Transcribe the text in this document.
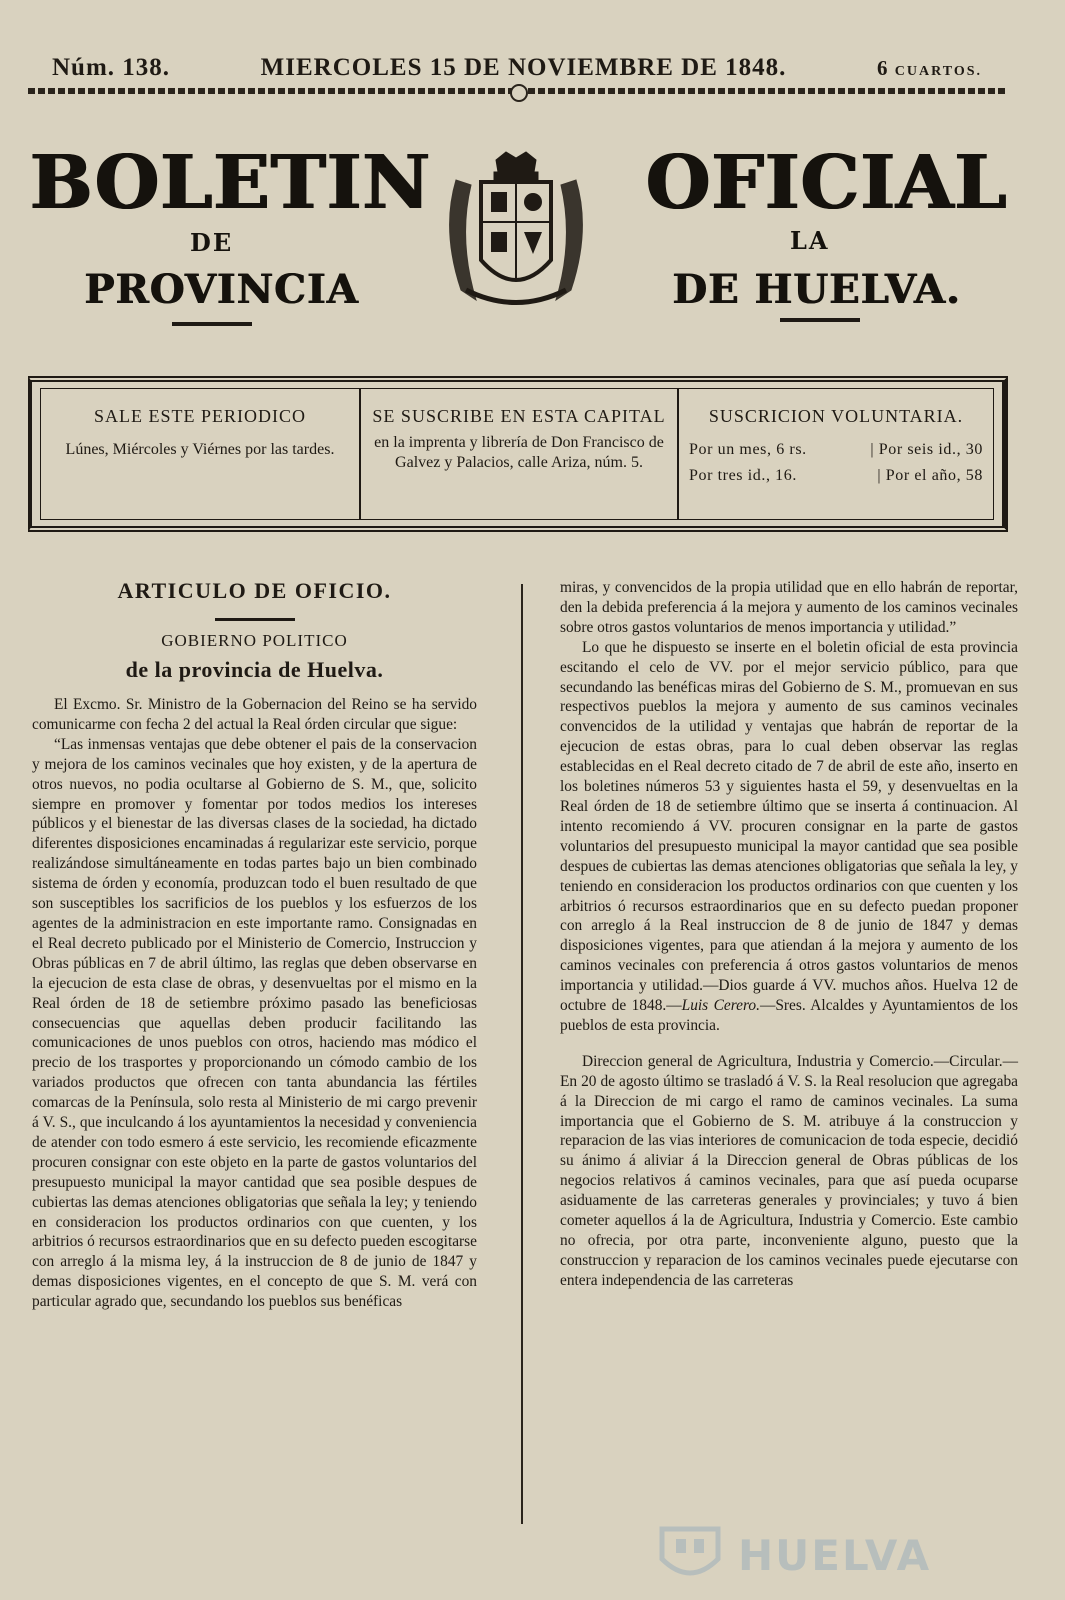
Núm. 138.	MIERCOLES 15 DE NOVIEMBRE DE 1848.	6 CUARTOS.
BOLETIN
DE
PROVINCIA
OFICIAL
LA
DE HUELVA.
SALE ESTE PERIODICO
Lúnes, Miércoles y Viérnes por las tardes.
SE SUSCRIBE EN ESTA CAPITAL
en la imprenta y librería de Don Francisco de Galvez y Palacios, calle Ariza, núm. 5.
SUSCRICION VOLUNTARIA.
Por un mes, 6 rs.	| Por seis id., 30
Por tres id., 16.	| Por el año, 58
ARTICULO DE OFICIO.
GOBIERNO POLITICO
de la provincia de Huelva.

El Excmo. Sr. Ministro de la Gobernacion del Reino se ha servido comunicarme con fecha 2 del actual la Real órden circular que sigue:

“Las inmensas ventajas que debe obtener el pais de la conservacion y mejora de los caminos vecinales que hoy existen, y de la apertura de otros nuevos, no podia ocultarse al Gobierno de S. M., que, solicito siempre en promover y fomentar por todos medios los intereses públicos y el bienestar de las diversas clases de la sociedad, ha dictado diferentes disposiciones encaminadas á regularizar este servicio, porque realizándose simultáneamente en todas partes bajo un bien combinado sistema de órden y economía, produzcan todo el buen resultado de que son susceptibles los sacrificios de los pueblos y los esfuerzos de los agentes de la administracion en este importante ramo. Consignadas en el Real decreto publicado por el Ministerio de Comercio, Instruccion y Obras públicas en 7 de abril último, las reglas que deben observarse en la ejecucion de esta clase de obras, y desenvueltas por el mismo en la Real órden de 18 de setiembre próximo pasado las beneficiosas consecuencias que aquellas deben producir facilitando las comunicaciones de unos pueblos con otros, haciendo mas módico el precio de los trasportes y proporcionando un cómodo cambio de los variados productos que ofrecen con tanta abundancia las fértiles comarcas de la Península, solo resta al Ministerio de mi cargo prevenir á V. S., que inculcando á los ayuntamientos la necesidad y conveniencia de atender con todo esmero á este servicio, les recomiende eficazmente procuren consignar con este objeto en la parte de gastos voluntarios del presupuesto municipal la mayor cantidad que sea posible despues de cubiertas las demas atenciones obligatorias que señala la ley; y teniendo en consideracion los productos ordinarios con que cuenten, y los arbitrios ó recursos estraordinarios que en su defecto pueden escogitarse con arreglo á la misma ley, á la instruccion de 8 de junio de 1847 y demas disposiciones vigentes, en el concepto de que S. M. verá con particular agrado que, secundando los pueblos sus benéficas

miras, y convencidos de la propia utilidad que en ello habrán de reportar, den la debida preferencia á la mejora y aumento de los caminos vecinales sobre otros gastos voluntarios de menos importancia y utilidad.”

Lo que he dispuesto se inserte en el boletin oficial de esta provincia escitando el celo de VV. por el mejor servicio público, para que secundando las benéficas miras del Gobierno de S. M., promuevan en sus respectivos pueblos la mejora y aumento de sus caminos vecinales convencidos de la utilidad y ventajas que habrán de reportar de la ejecucion de estas obras, para lo cual deben observar las reglas establecidas en el Real decreto citado de 7 de abril de este año, inserto en los boletines números 53 y siguientes hasta el 59, y desenvueltas en la Real órden de 18 de setiembre último que se inserta á continuacion. Al intento recomiendo á VV. procuren consignar en la parte de gastos voluntarios del presupuesto municipal la mayor cantidad que sea posible despues de cubiertas las demas atenciones obligatorias que señala la ley, y teniendo en consideracion los productos ordinarios con que cuenten y los arbitrios ó recursos estraordinarios que en su defecto puedan proponer con arreglo á la Real instruccion de 8 de junio de 1847 y demas disposiciones vigentes, para que atiendan á la mejora y aumento de los caminos vecinales con preferencia á otros gastos voluntarios de menos importancia y utilidad.—Dios guarde á VV. muchos años. Huelva 12 de octubre de 1848.—Luis Cerero.—Sres. Alcaldes y Ayuntamientos de los pueblos de esta provincia.

Direccion general de Agricultura, Industria y Comercio.—Circular.—En 20 de agosto último se trasladó á V. S. la Real resolucion que agregaba á la Direccion de mi cargo el ramo de caminos vecinales. La suma importancia que el Gobierno de S. M. atribuye á la construccion y reparacion de las vias interiores de comunicacion de toda especie, decidió su ánimo á aliviar á la Direccion general de Obras públicas de los negocios relativos á caminos vecinales, para que así pueda ocuparse asiduamente de las carreteras generales y provinciales; y tuvo á bien cometer aquellos á la de Agricultura, Industria y Comercio. Este cambio no ofrecia, por otra parte, inconveniente alguno, puesto que la construccion y reparacion de los caminos vecinales puede ejecutarse con entera independencia de las carreteras

HUELVA
